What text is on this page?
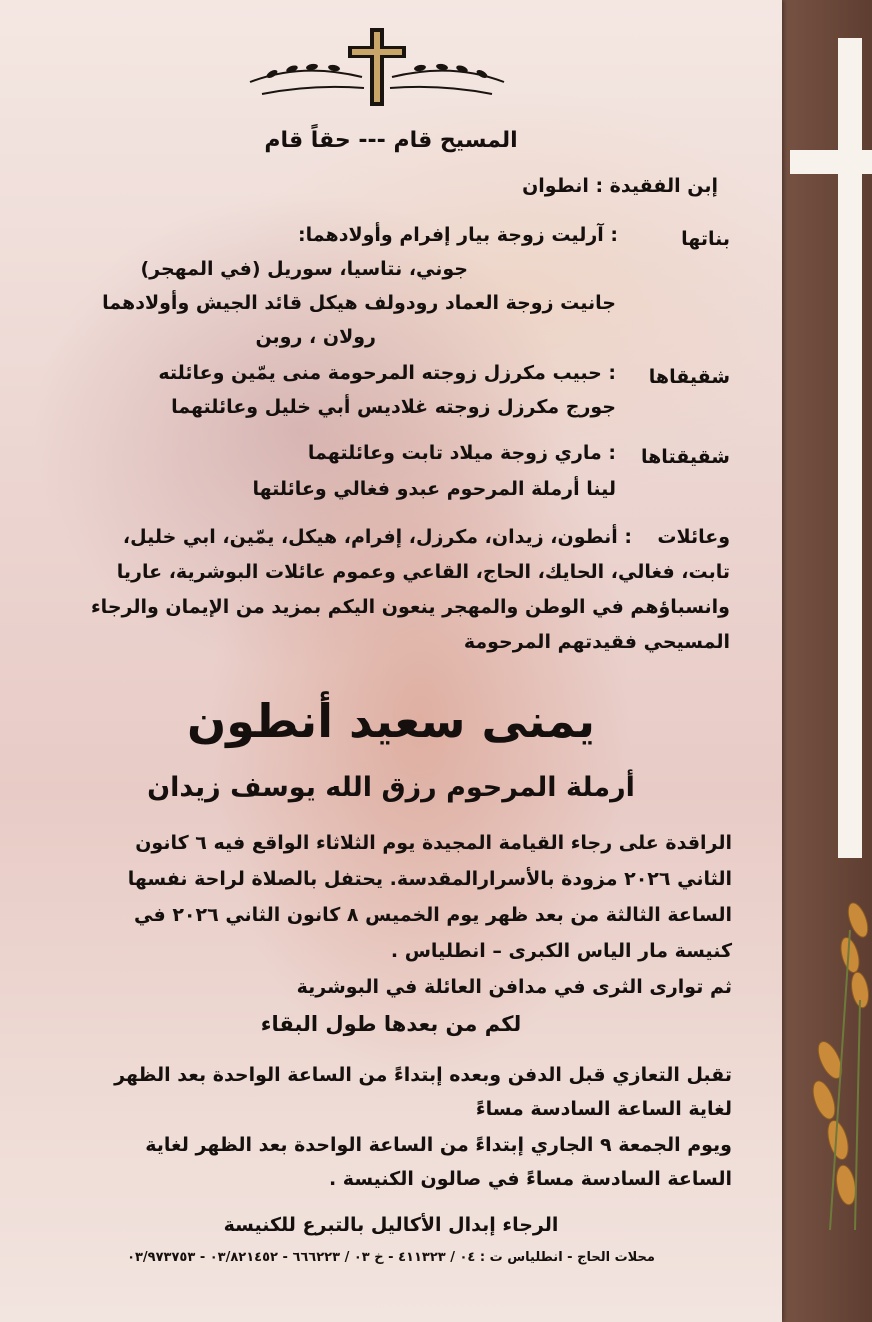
المسيح قام --- حقاً قام
إبن الفقيدة : انطوان
بناتها
: آرليت زوجة بيار إفرام وأولادهما:
جوني، نتاسيا، سوريل (في المهجر)
جانيت زوجة العماد رودولف هيكل قائد الجيش وأولادهما
رولان ، روبن
شقيقاها
: حبيب مكرزل زوجته المرحومة منى يمّين وعائلته
جورج مكرزل زوجته غلاديس أبي خليل وعائلتهما
شقيقتاها
: ماري زوجة ميلاد تابت وعائلتهما
لينا أرملة المرحوم عبدو فغالي وعائلتها
وعائلات
: أنطون، زيدان، مكرزل، إفرام، هيكل، يمّين، ابي خليل،
تابت، فغالي، الحايك، الحاج، القاعي وعموم عائلات البوشرية، عاريا
وانسباؤهم في الوطن والمهجر ينعون اليكم بمزيد من الإيمان والرجاء
المسيحي فقيدتهم المرحومة
يمنى سعيد أنطون
أرملة المرحوم رزق الله يوسف زيدان
الراقدة على رجاء القيامة المجيدة يوم الثلاثاء الواقع فيه ٦ كانون
الثاني ٢٠٢٦ مزودة بالأسرارالمقدسة. يحتفل بالصلاة لراحة نفسها
الساعة الثالثة من بعد ظهر يوم الخميس ٨ كانون الثاني ٢٠٢٦ في
كنيسة مار الياس الكبرى – انطلياس .
ثم توارى الثرى في مدافن العائلة في البوشرية
لكم من بعدها طول البقاء
تقبل التعازي قبل الدفن وبعده إبتداءً من الساعة الواحدة بعد الظهر
لغاية الساعة السادسة مساءً
ويوم الجمعة ٩ الجاري إبتداءً من الساعة الواحدة بعد الظهر لغاية
الساعة السادسة مساءً في صالون الكنيسة .
الرجاء إبدال الأكاليل بالتبرع للكنيسة
محلات الحاج - انطلياس ت : ٠٤ / ٤١١٣٢٣ - خ ٠٣ / ٦٦٦٢٢٣ - ٠٣/٨٢١٤٥٢ - ٠٣/٩٧٣٧٥٣
